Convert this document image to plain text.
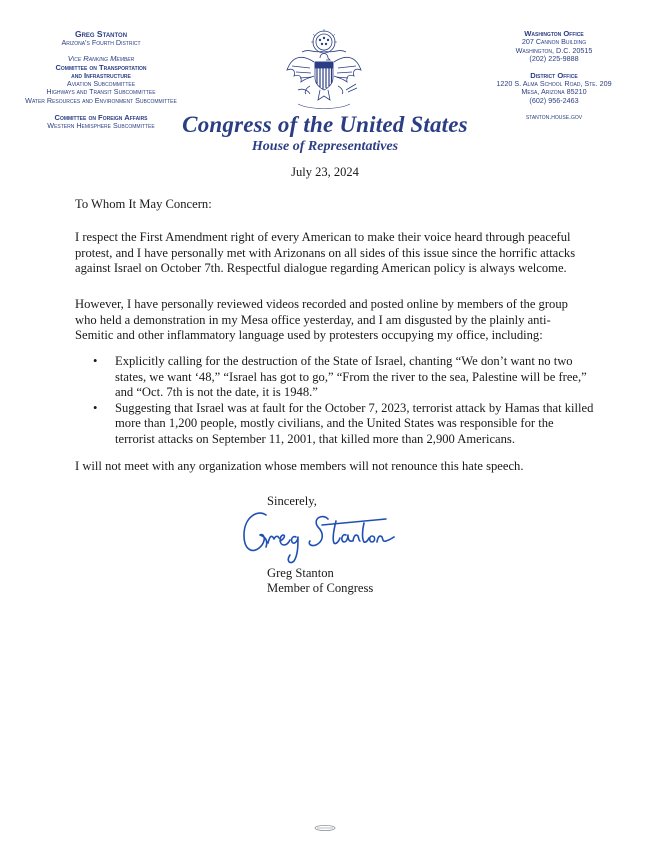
Greg Stanton
Arizona's Fourth District
Vice Ranking Member
Committee on Transportation
and Infrastructure
Aviation Subcommittee
Highways and Transit Subcommittee
Water Resources and Environment Subcommittee
Committee on Foreign Affairs
Western Hemisphere Subcommittee
Washington Office
207 Cannon Building
Washington, D.C. 20515
(202) 225-9888
District Office
1220 S. Alma School Road, Ste. 209
Mesa, Arizona 85210
(602) 956-2463
stanton.house.gov
Congress of the United States
House of Representatives
July 23, 2024
To Whom It May Concern:
I respect the First Amendment right of every American to make their voice heard through peaceful protest, and I have personally met with Arizonans on all sides of this issue since the horrific attacks against Israel on October 7th. Respectful dialogue regarding American policy is always welcome.
However, I have personally reviewed videos recorded and posted online by members of the group who held a demonstration in my Mesa office yesterday, and I am disgusted by the plainly anti-Semitic and other inflammatory language used by protesters occupying my office, including:
• Explicitly calling for the destruction of the State of Israel, chanting “We don’t want no two states, we want ‘48,” “Israel has got to go,” “From the river to the sea, Palestine will be free,” and “Oct. 7th is not the date, it is 1948.”
• Suggesting that Israel was at fault for the October 7, 2023, terrorist attack by Hamas that killed more than 1,200 people, mostly civilians, and the United States was responsible for the terrorist attacks on September 11, 2001, that killed more than 2,900 Americans.
I will not meet with any organization whose members will not renounce this hate speech.
Sincerely,
Greg Stanton
Member of Congress
